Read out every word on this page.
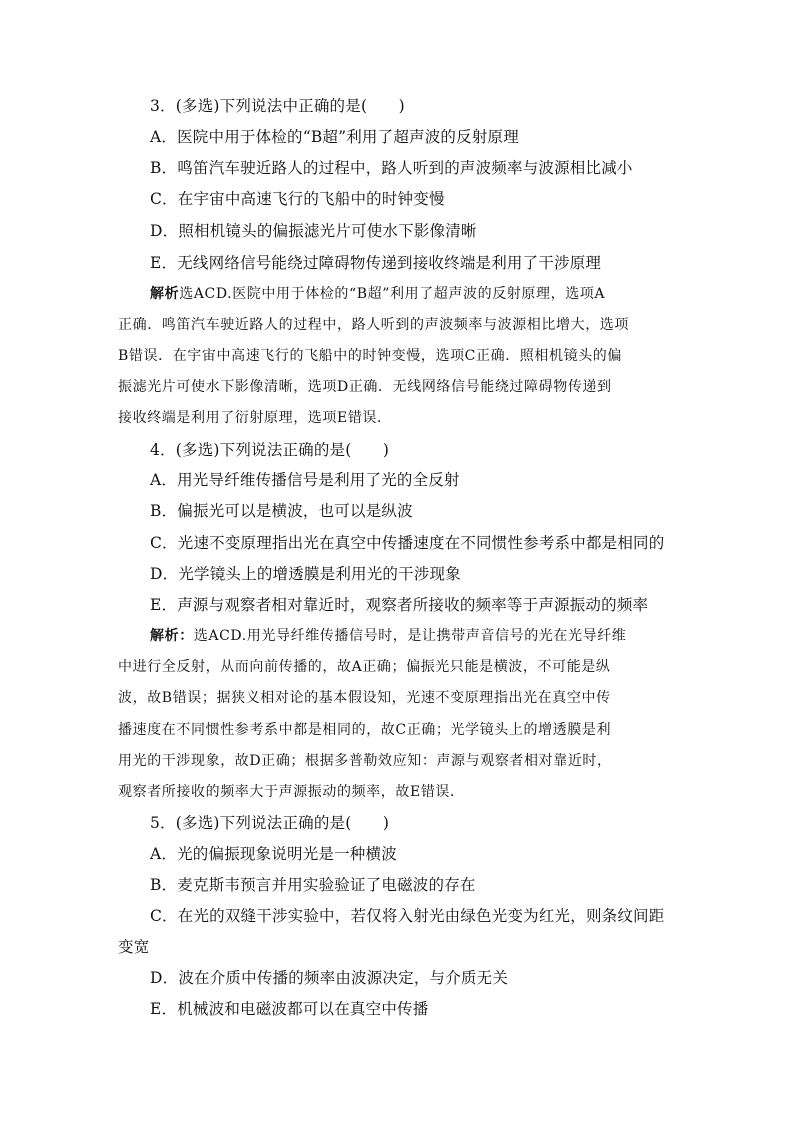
3．(多选)下列说法中正确的是(　　)
A．医院中用于体检的“B超”利用了超声波的反射原理
B．鸣笛汽车驶近路人的过程中，路人听到的声波频率与波源相比减小
C．在宇宙中高速飞行的飞船中的时钟变慢
D．照相机镜头的偏振滤光片可使水下影像清晰
E．无线网络信号能绕过障碍物传递到接收终端是利用了干涉原理
解析选ACD.医院中用于体检的“B超”利用了超声波的反射原理，选项A
正确．鸣笛汽车驶近路人的过程中，路人听到的声波频率与波源相比增大，选项
B错误．在宇宙中高速飞行的飞船中的时钟变慢，选项C正确．照相机镜头的偏
振滤光片可使水下影像清晰，选项D正确．无线网络信号能绕过障碍物传递到
接收终端是利用了衍射原理，选项E错误．
4．(多选)下列说法正确的是(　　)
A．用光导纤维传播信号是利用了光的全反射
B．偏振光可以是横波，也可以是纵波
C．光速不变原理指出光在真空中传播速度在不同惯性参考系中都是相同的
D．光学镜头上的增透膜是利用光的干涉现象
E．声源与观察者相对靠近时，观察者所接收的频率等于声源振动的频率
解析：选ACD.用光导纤维传播信号时，是让携带声音信号的光在光导纤维
中进行全反射，从而向前传播的，故A正确；偏振光只能是横波，不可能是纵
波，故B错误；据狭义相对论的基本假设知，光速不变原理指出光在真空中传
播速度在不同惯性参考系中都是相同的，故C正确；光学镜头上的增透膜是利
用光的干涉现象，故D正确；根据多普勒效应知：声源与观察者相对靠近时，
观察者所接收的频率大于声源振动的频率，故E错误．
5．(多选)下列说法正确的是(　　)
A．光的偏振现象说明光是一种横波
B．麦克斯韦预言并用实验验证了电磁波的存在
C．在光的双缝干涉实验中，若仅将入射光由绿色光变为红光，则条纹间距
变宽
D．波在介质中传播的频率由波源决定，与介质无关
E．机械波和电磁波都可以在真空中传播
